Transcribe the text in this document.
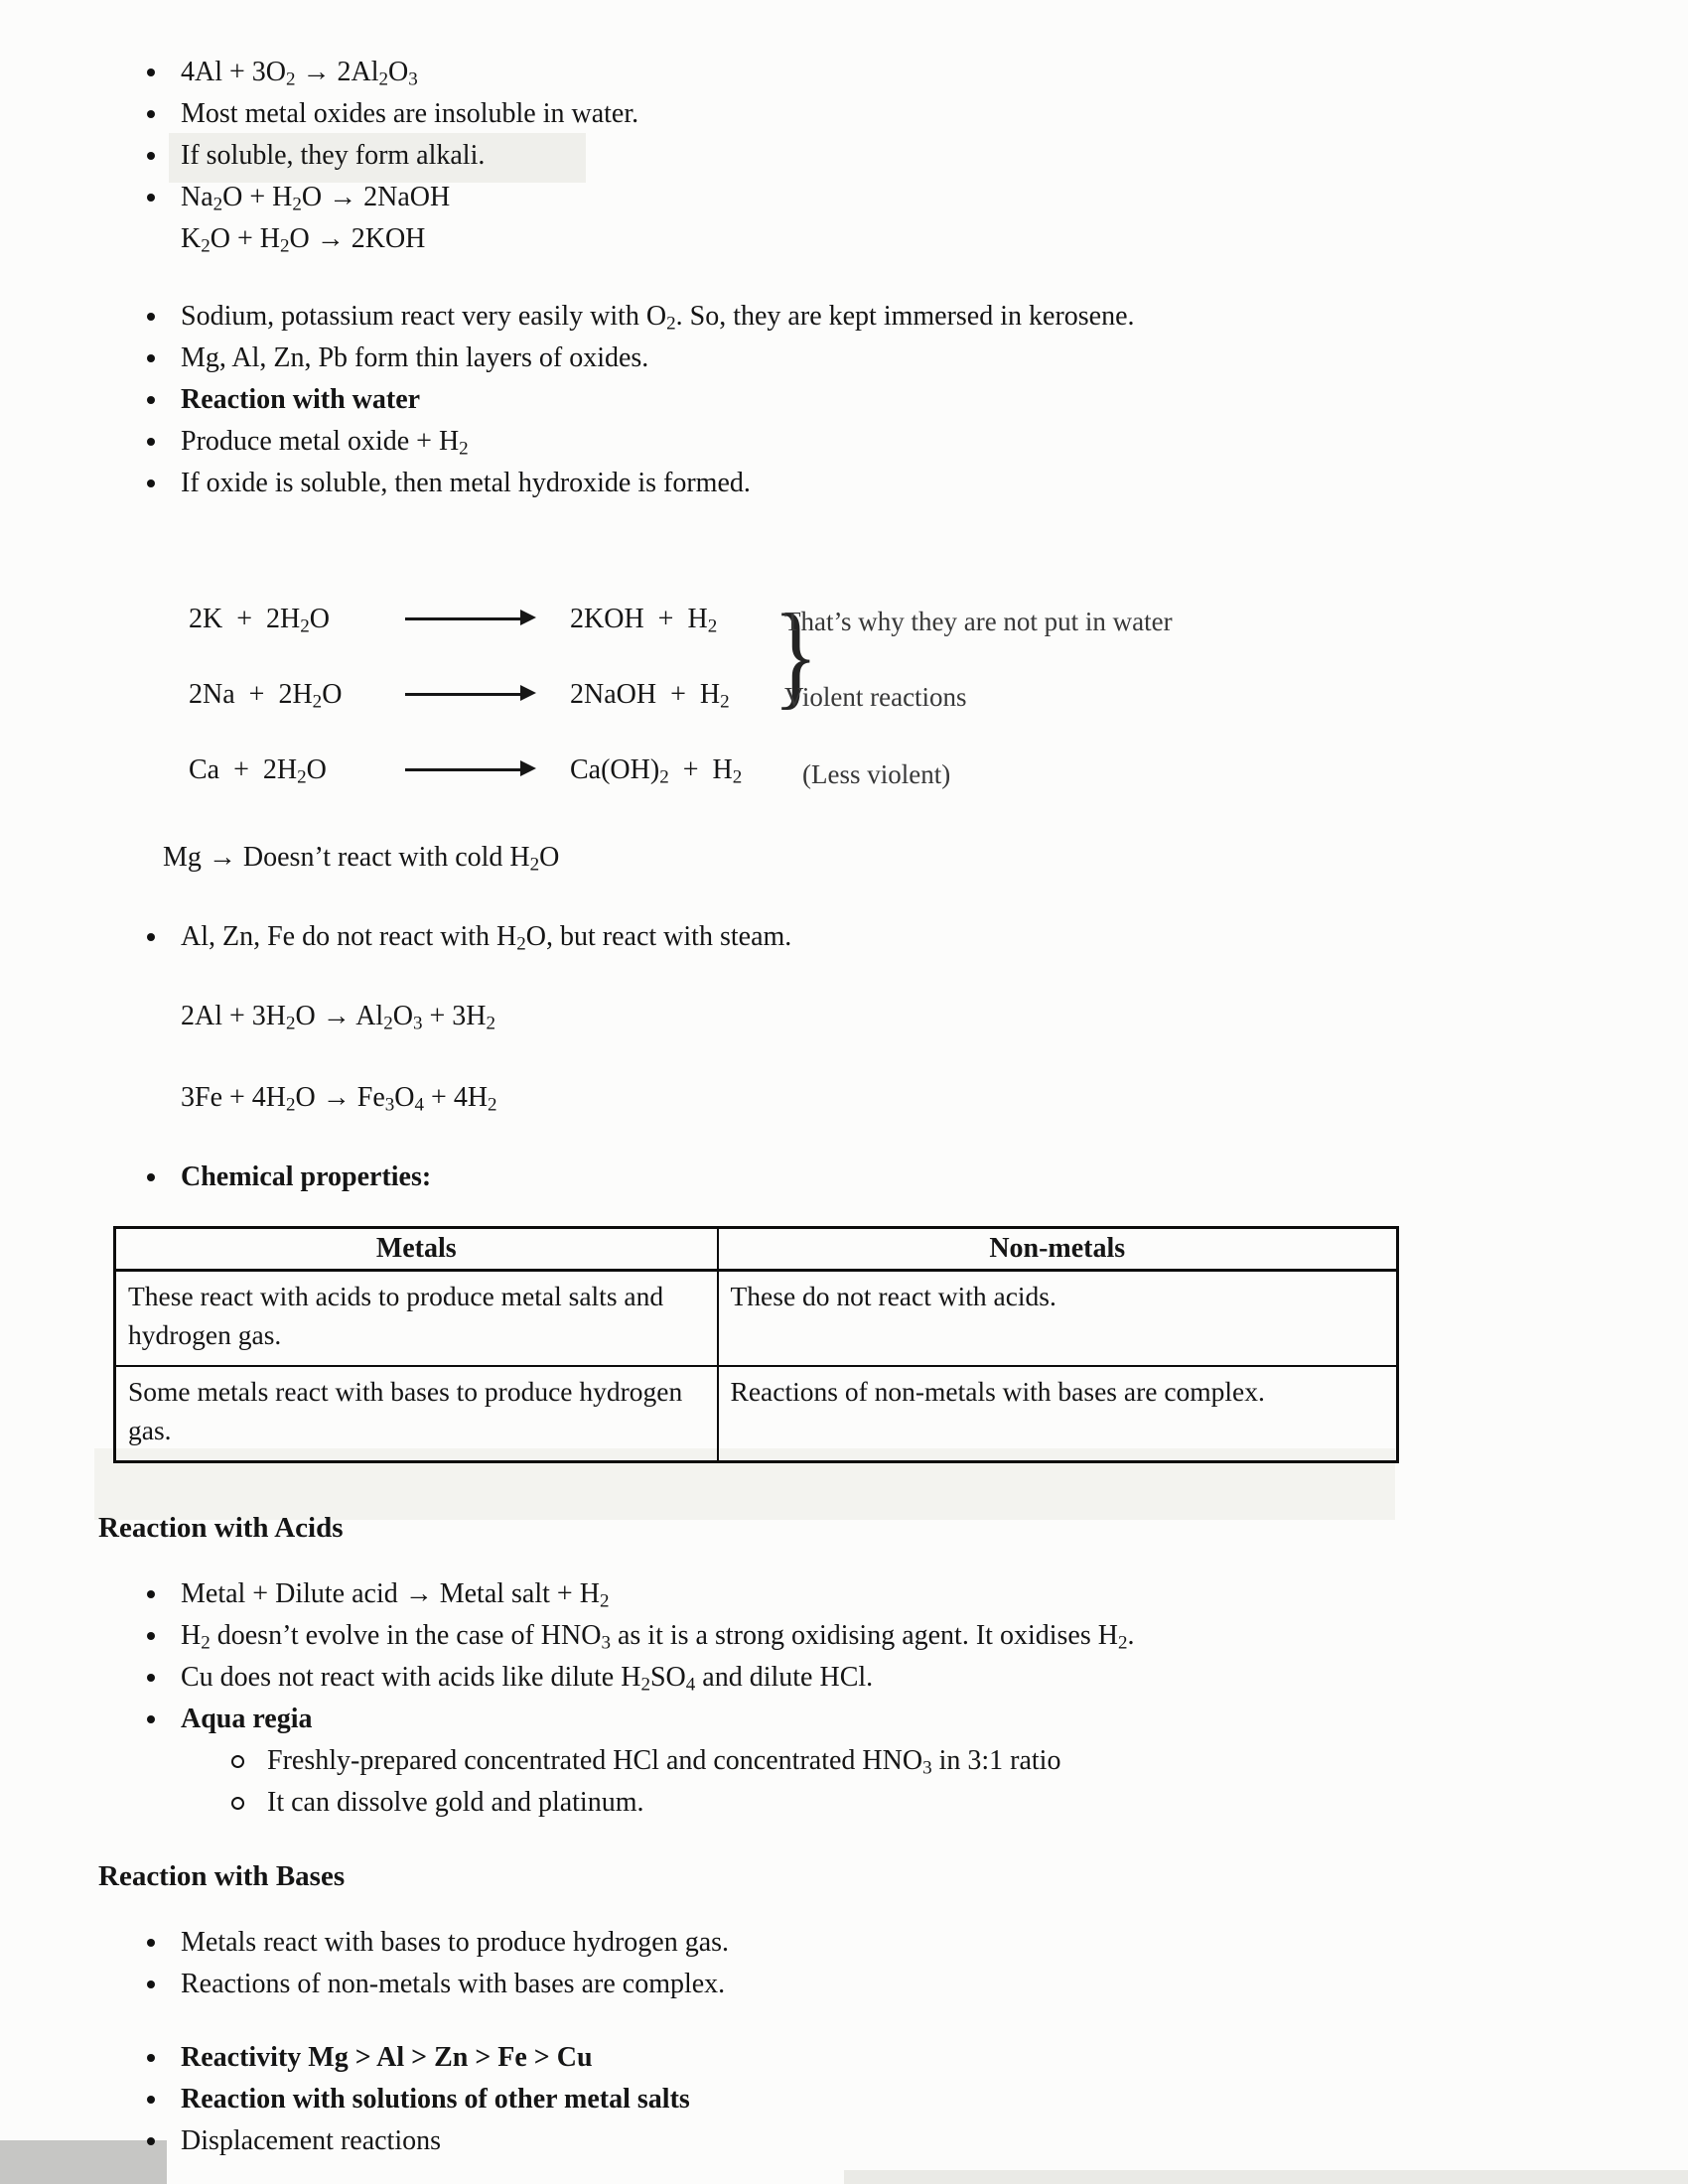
$4Al + 3O_2 \to 2Al_2O_3$
Most metal oxides are insoluble in water.
If soluble, they form alkali.
$Na_2O + H_2O$ → 2NaOH
$K_2O + H_2O \to 2KOH$
Sodium, potassium react very easily with $O_2$. So, they are kept immersed in kerosene.
Mg, Al, Zn, Pb form thin layers of oxides.
Reaction with water
Produce metal oxide + $H_2$
If oxide is soluble, then metal hydroxide is formed.
$2K + 2H_2O$	$2KOH + H_2$
$2Na + 2H_2O$	2NaOH  +  $H_2$
$Ca + 2H_2O$	$Ca(OH)_2 + H_2$
}
That’s why they are not put in water
Violent reactions
(Less violent)
Mg → Doesn’t react with cold $H_2O$
Al, Zn, Fe do not react with $H_2O$, but react with steam.
$2Al + 3H_2O \to Al_2O_3 + 3H_2$
$3Fe + 4H_2O \to Fe_3O_4 + 4H_2$
Chemical properties:
Metals	Non-metals
These react with acids to produce metal salts and hydrogen gas.	These do not react with acids.
Some metals react with bases to produce hydrogen gas.	Reactions of non-metals with bases are complex.
Reaction with Acids
Metal + Dilute acid → Metal salt + $H_2$
$H_2$ doesn’t evolve in the case of $HNO_3$ as it is a strong oxidising agent. It oxidises $H_2$.
Cu does not react with acids like dilute $H_2SO_4$ and dilute HCl.
Aqua regia
Freshly-prepared concentrated HCl and concentrated $HNO_3$ in 3:1 ratio
It can dissolve gold and platinum.
Reaction with Bases
Metals react with bases to produce hydrogen gas.
Reactions of non-metals with bases are complex.
Reactivity Mg > Al > Zn > Fe > Cu
Reaction with solutions of other metal salts
Displacement reactions
